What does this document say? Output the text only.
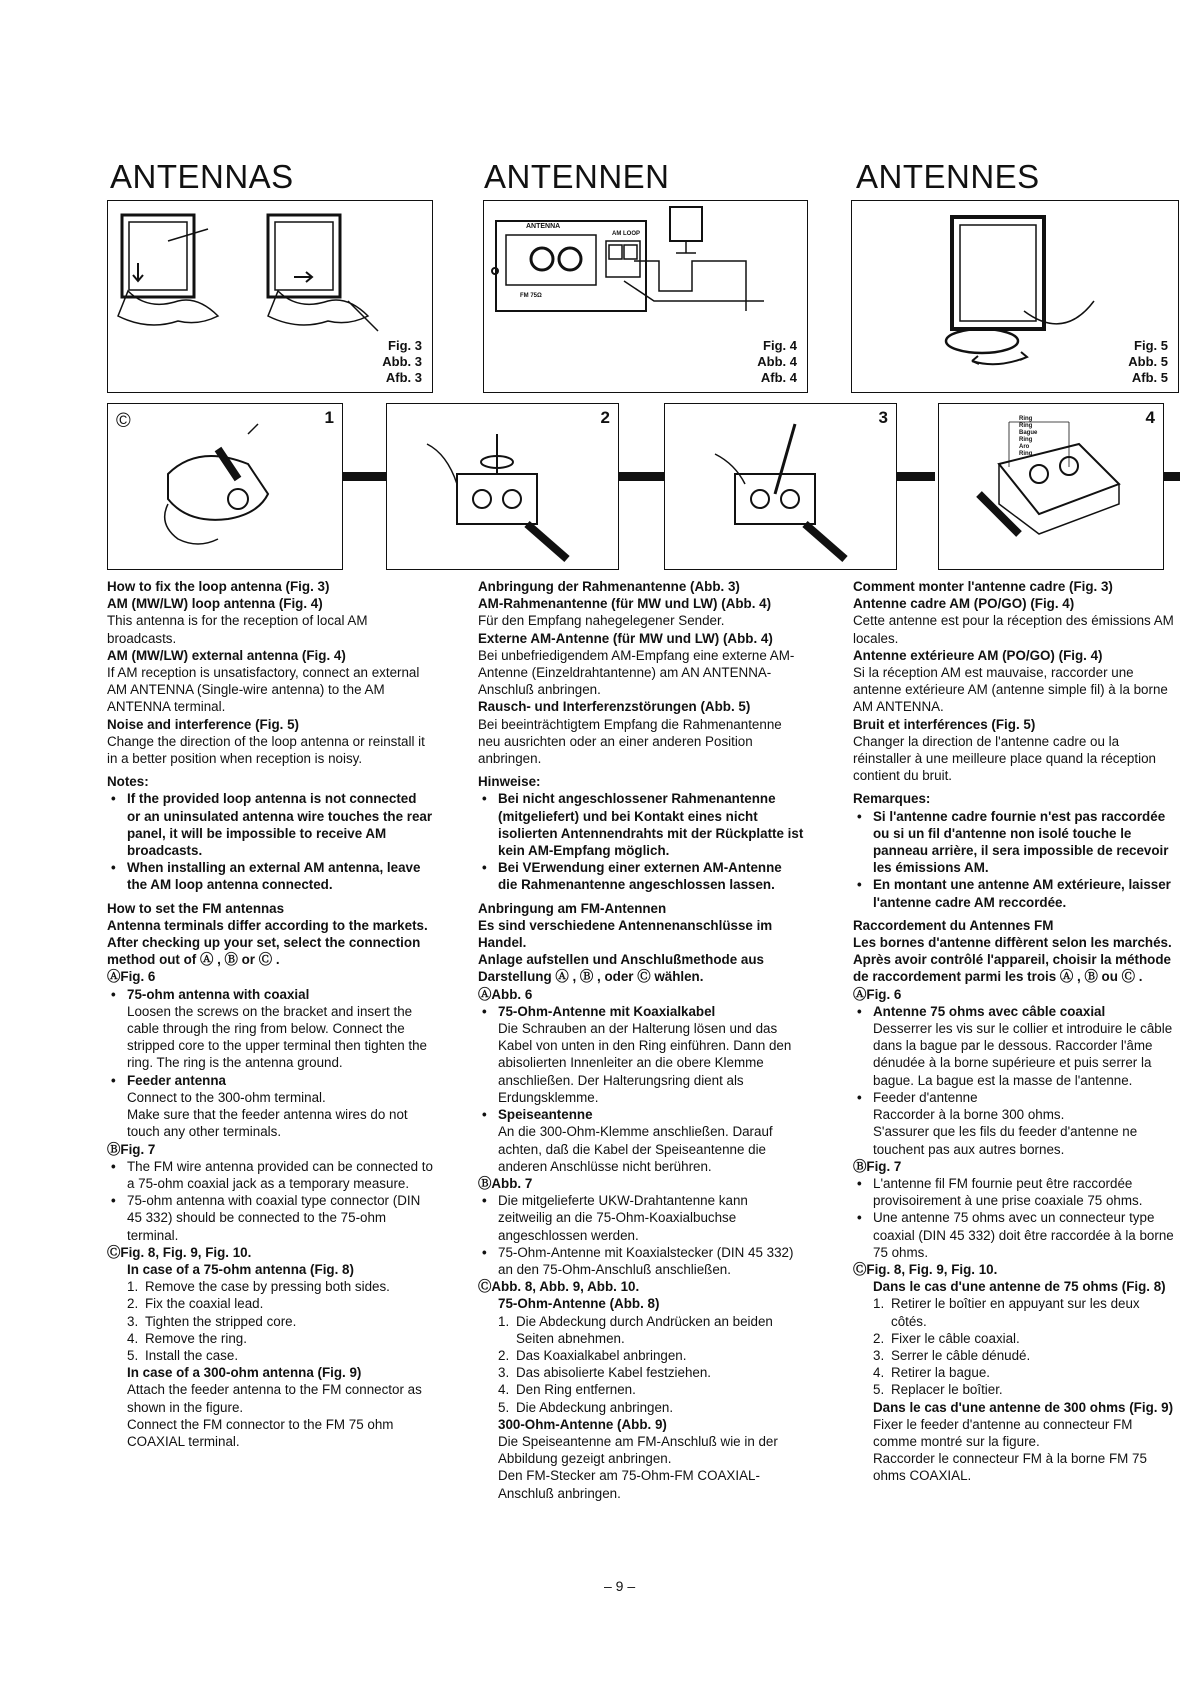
ANTENNAS	ANTENNEN	ANTENNES
Fig. 3
Abb. 3
Afb. 3
ANTENNA
AM LOOP
FM 75Ω
Fig. 4
Abb. 4
Afb. 4
Fig. 5
Abb. 5
Afb. 5
©	1	2	3	4
Ring
Ring
Bague
Ring
Aro
Ring

How to fix the loop antenna (Fig. 3)

AM (MW/LW) loop antenna (Fig. 4)

This antenna is for the reception of local AM broadcasts.

AM (MW/LW) external antenna (Fig. 4)

If AM reception is unsatisfactory, connect an external AM ANTENNA (Single-wire antenna) to the AM ANTENNA terminal.

Noise and interference (Fig. 5)

Change the direction of the loop antenna or reinstall it in a better position when reception is noisy.

Notes:

• If the provided loop antenna is not connected or an uninsulated antenna wire touches the rear panel, it will be impossible to receive AM broadcasts.

• When installing an external AM antenna, leave the AM loop antenna connected.

How to set the FM antennas

Antenna terminals differ according to the markets.

After checking up your set, select the connection method out of Ⓐ , Ⓑ or Ⓒ .

ⒶFig. 6

• 75-ohm antenna with coaxial

Loosen the screws on the bracket and insert the cable through the ring from below. Connect the stripped core to the upper terminal then tighten the ring. The ring is the antenna ground.

• Feeder antenna

Connect to the 300-ohm terminal.

Make sure that the feeder antenna wires do not touch any other terminals.

ⒷFig. 7

• The FM wire antenna provided can be connected to a 75-ohm coaxial jack as a temporary measure.

• 75-ohm antenna with coaxial type connector (DIN 45 332) should be connected to the 75-ohm terminal.

ⒸFig. 8, Fig. 9, Fig. 10.

In case of a 75-ohm antenna (Fig. 8)

1. Remove the case by pressing both sides.

2. Fix the coaxial lead.

3. Tighten the stripped core.

4. Remove the ring.

5. Install the case.

In case of a 300-ohm antenna (Fig. 9)

Attach the feeder antenna to the FM connector as shown in the figure.

Connect the FM connector to the FM 75 ohm COAXIAL terminal.

Anbringung der Rahmenantenne (Abb. 3)

AM-Rahmenantenne (für MW und LW) (Abb. 4)

Für den Empfang nahegelegener Sender.

Externe AM-Antenne (für MW und LW) (Abb. 4)

Bei unbefriedigendem AM-Empfang eine externe AM-Antenne (Einzeldrahtantenne) am AN ANTENNA-Anschluß anbringen.

Rausch- und Interferenzstörungen (Abb. 5)

Bei beeinträchtigtem Empfang die Rahmenantenne neu ausrichten oder an einer anderen Position anbringen.

Hinweise:

• Bei nicht angeschlossener Rahmenantenne (mitgeliefert) und bei Kontakt eines nicht isolierten Antennendrahts mit der Rückplatte ist kein AM-Empfang möglich.

• Bei VErwendung einer externen AM-Antenne die Rahmenantenne angeschlossen lassen.

Anbringung am FM-Antennen

Es sind verschiedene Antennenanschlüsse im Handel.

Anlage aufstellen und Anschlußmethode aus Darstellung Ⓐ , Ⓑ , oder Ⓒ wählen.

ⒶAbb. 6

• 75-Ohm-Antenne mit Koaxialkabel

Die Schrauben an der Halterung lösen und das Kabel von unten in den Ring einführen. Dann den abisolierten Innenleiter an die obere Klemme anschließen. Der Halterungsring dient als Erdungsklemme.

• Speiseantenne

An die 300-Ohm-Klemme anschließen. Darauf achten, daß die Kabel der Speiseantenne die anderen Anschlüsse nicht berühren.

ⒷAbb. 7

• Die mitgelieferte UKW-Drahtantenne kann zeitweilig an die 75-Ohm-Koaxialbuchse angeschlossen werden.

• 75-Ohm-Antenne mit Koaxialstecker (DIN 45 332) an den 75-Ohm-Anschluß anschließen.

ⒸAbb. 8, Abb. 9, Abb. 10.

75-Ohm-Antenne (Abb. 8)

1. Die Abdeckung durch Andrücken an beiden Seiten abnehmen.

2. Das Koaxialkabel anbringen.

3. Das abisolierte Kabel festziehen.

4. Den Ring entfernen.

5. Die Abdeckung anbringen.

300-Ohm-Antenne (Abb. 9)

Die Speiseantenne am FM-Anschluß wie in der Abbildung gezeigt anbringen.

Den FM-Stecker am 75-Ohm-FM COAXIAL-Anschluß anbringen.

Comment monter l'antenne cadre (Fig. 3)

Antenne cadre AM (PO/GO) (Fig. 4)

Cette antenne est pour la réception des émissions AM locales.

Antenne extérieure AM (PO/GO) (Fig. 4)

Si la réception AM est mauvaise, raccorder une antenne extérieure AM (antenne simple fil) à la borne AM ANTENNA.

Bruit et interférences (Fig. 5)

Changer la direction de l'antenne cadre ou la réinstaller à une meilleure place quand la réception contient du bruit.

Remarques:

• Si l'antenne cadre fournie n'est pas raccordée ou si un fil d'antenne non isolé touche le panneau arrière, il sera impossible de recevoir les émissions AM.

• En montant une antenne AM extérieure, laisser l'antenne cadre AM reccordée.

Raccordement du Antennes FM

Les bornes d'antenne diffèrent selon les marchés.

Après avoir contrôlé l'appareil, choisir la méthode de raccordement parmi les trois Ⓐ , Ⓑ ou Ⓒ .

ⒶFig. 6

• Antenne 75 ohms avec câble coaxial

Desserrer les vis sur le collier et introduire le câble dans la bague par le dessous. Raccorder l'âme dénudée à la borne supérieure et puis serrer la bague. La bague est la masse de l'antenne.

• Feeder d'antenne

Raccorder à la borne 300 ohms.

S'assurer que les fils du feeder d'antenne ne touchent pas aux autres bornes.

ⒷFig. 7

• L'antenne fil FM fournie peut être raccordée provisoirement à une prise coaxiale 75 ohms.

• Une antenne 75 ohms avec un connecteur type coaxial (DIN 45 332) doit être raccordée à la borne 75 ohms.

ⒸFig. 8, Fig. 9, Fig. 10.

Dans le cas d'une antenne de 75 ohms (Fig. 8)

1. Retirer le boîtier en appuyant sur les deux côtés.

2. Fixer le câble coaxial.

3. Serrer le câble dénudé.

4. Retirer la bague.

5. Replacer le boîtier.

Dans le cas d'une antenne de 300 ohms (Fig. 9)

Fixer le feeder d'antenne au connecteur FM comme montré sur la figure.

Raccorder le connecteur FM à la borne FM 75 ohms COAXIAL.

– 9 –
